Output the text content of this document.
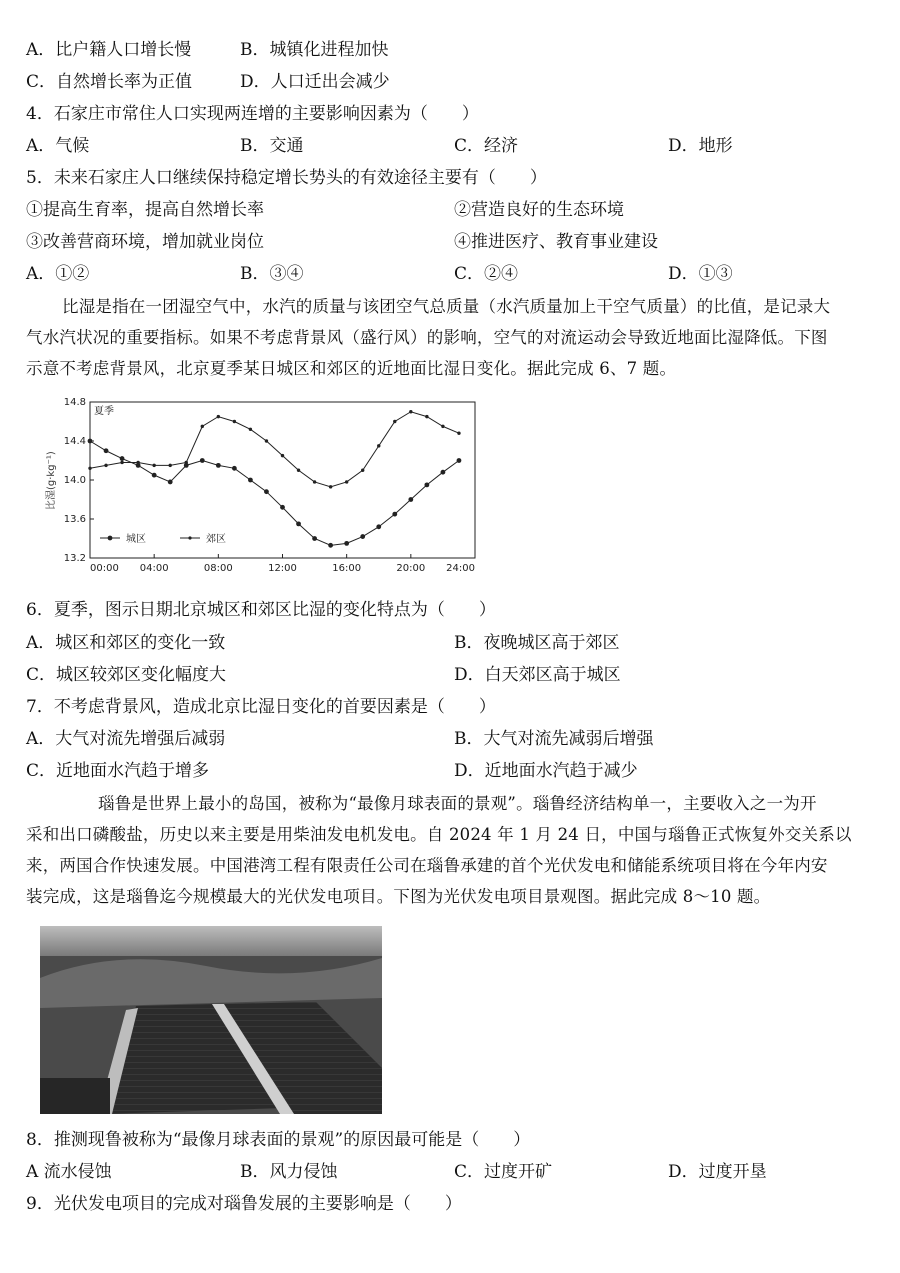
A．比户籍人口增长慢	B．城镇化进程加快
C．自然增长率为正值	D．人口迁出会减少
4．石家庄市常住人口实现两连增的主要影响因素为（　　）
A．气候	B．交通	C．经济	D．地形
5．未来石家庄人口继续保持稳定增长势头的有效途径主要有（　　）
①提高生育率，提高自然增长率	②营造良好的生态环境
③改善营商环境，增加就业岗位	④推进医疗、教育事业建设
A．①②	B．③④	C．②④	D．①③
比湿是指在一团湿空气中，水汽的质量与该团空气总质量（水汽质量加上干空气质量）的比值，是记录大
气水汽状况的重要指标。如果不考虑背景风（盛行风）的影响，空气的对流运动会导致近地面比湿降低。下图
示意不考虑背景风，北京夏季某日城区和郊区的近地面比湿日变化。据此完成 6、7 题。
夏季
比湿(g·kg⁻¹)
13.2
13.6
14.0
14.4
14.8
00:00 04:00	08:00	12:00	16:00	20:00 24:00
城区	郊区
6．夏季，图示日期北京城区和郊区比湿的变化特点为（　　）
A．城区和郊区的变化一致	B．夜晚城区高于郊区
C．城区较郊区变化幅度大	D．白天郊区高于城区
7．不考虑背景风，造成北京比湿日变化的首要因素是（　　）
A．大气对流先增强后减弱	B．大气对流先减弱后增强
C．近地面水汽趋于增多	D．近地面水汽趋于减少
瑙鲁是世界上最小的岛国，被称为“最像月球表面的景观”。瑙鲁经济结构单一，主要收入之一为开
采和出口磷酸盐，历史以来主要是用柴油发电机发电。自 2024 年 1 月 24 日，中国与瑙鲁正式恢复外交关系以
来，两国合作快速发展。中国港湾工程有限责任公司在瑙鲁承建的首个光伏发电和储能系统项目将在今年内安
装完成，这是瑙鲁迄今规模最大的光伏发电项目。下图为光伏发电项目景观图。据此完成 8～10 题。
8．推测现鲁被称为“最像月球表面的景观”的原因最可能是（　　）
A 流水侵蚀	B．风力侵蚀	C．过度开矿	D．过度开垦
9．光伏发电项目的完成对瑙鲁发展的主要影响是（　　）
